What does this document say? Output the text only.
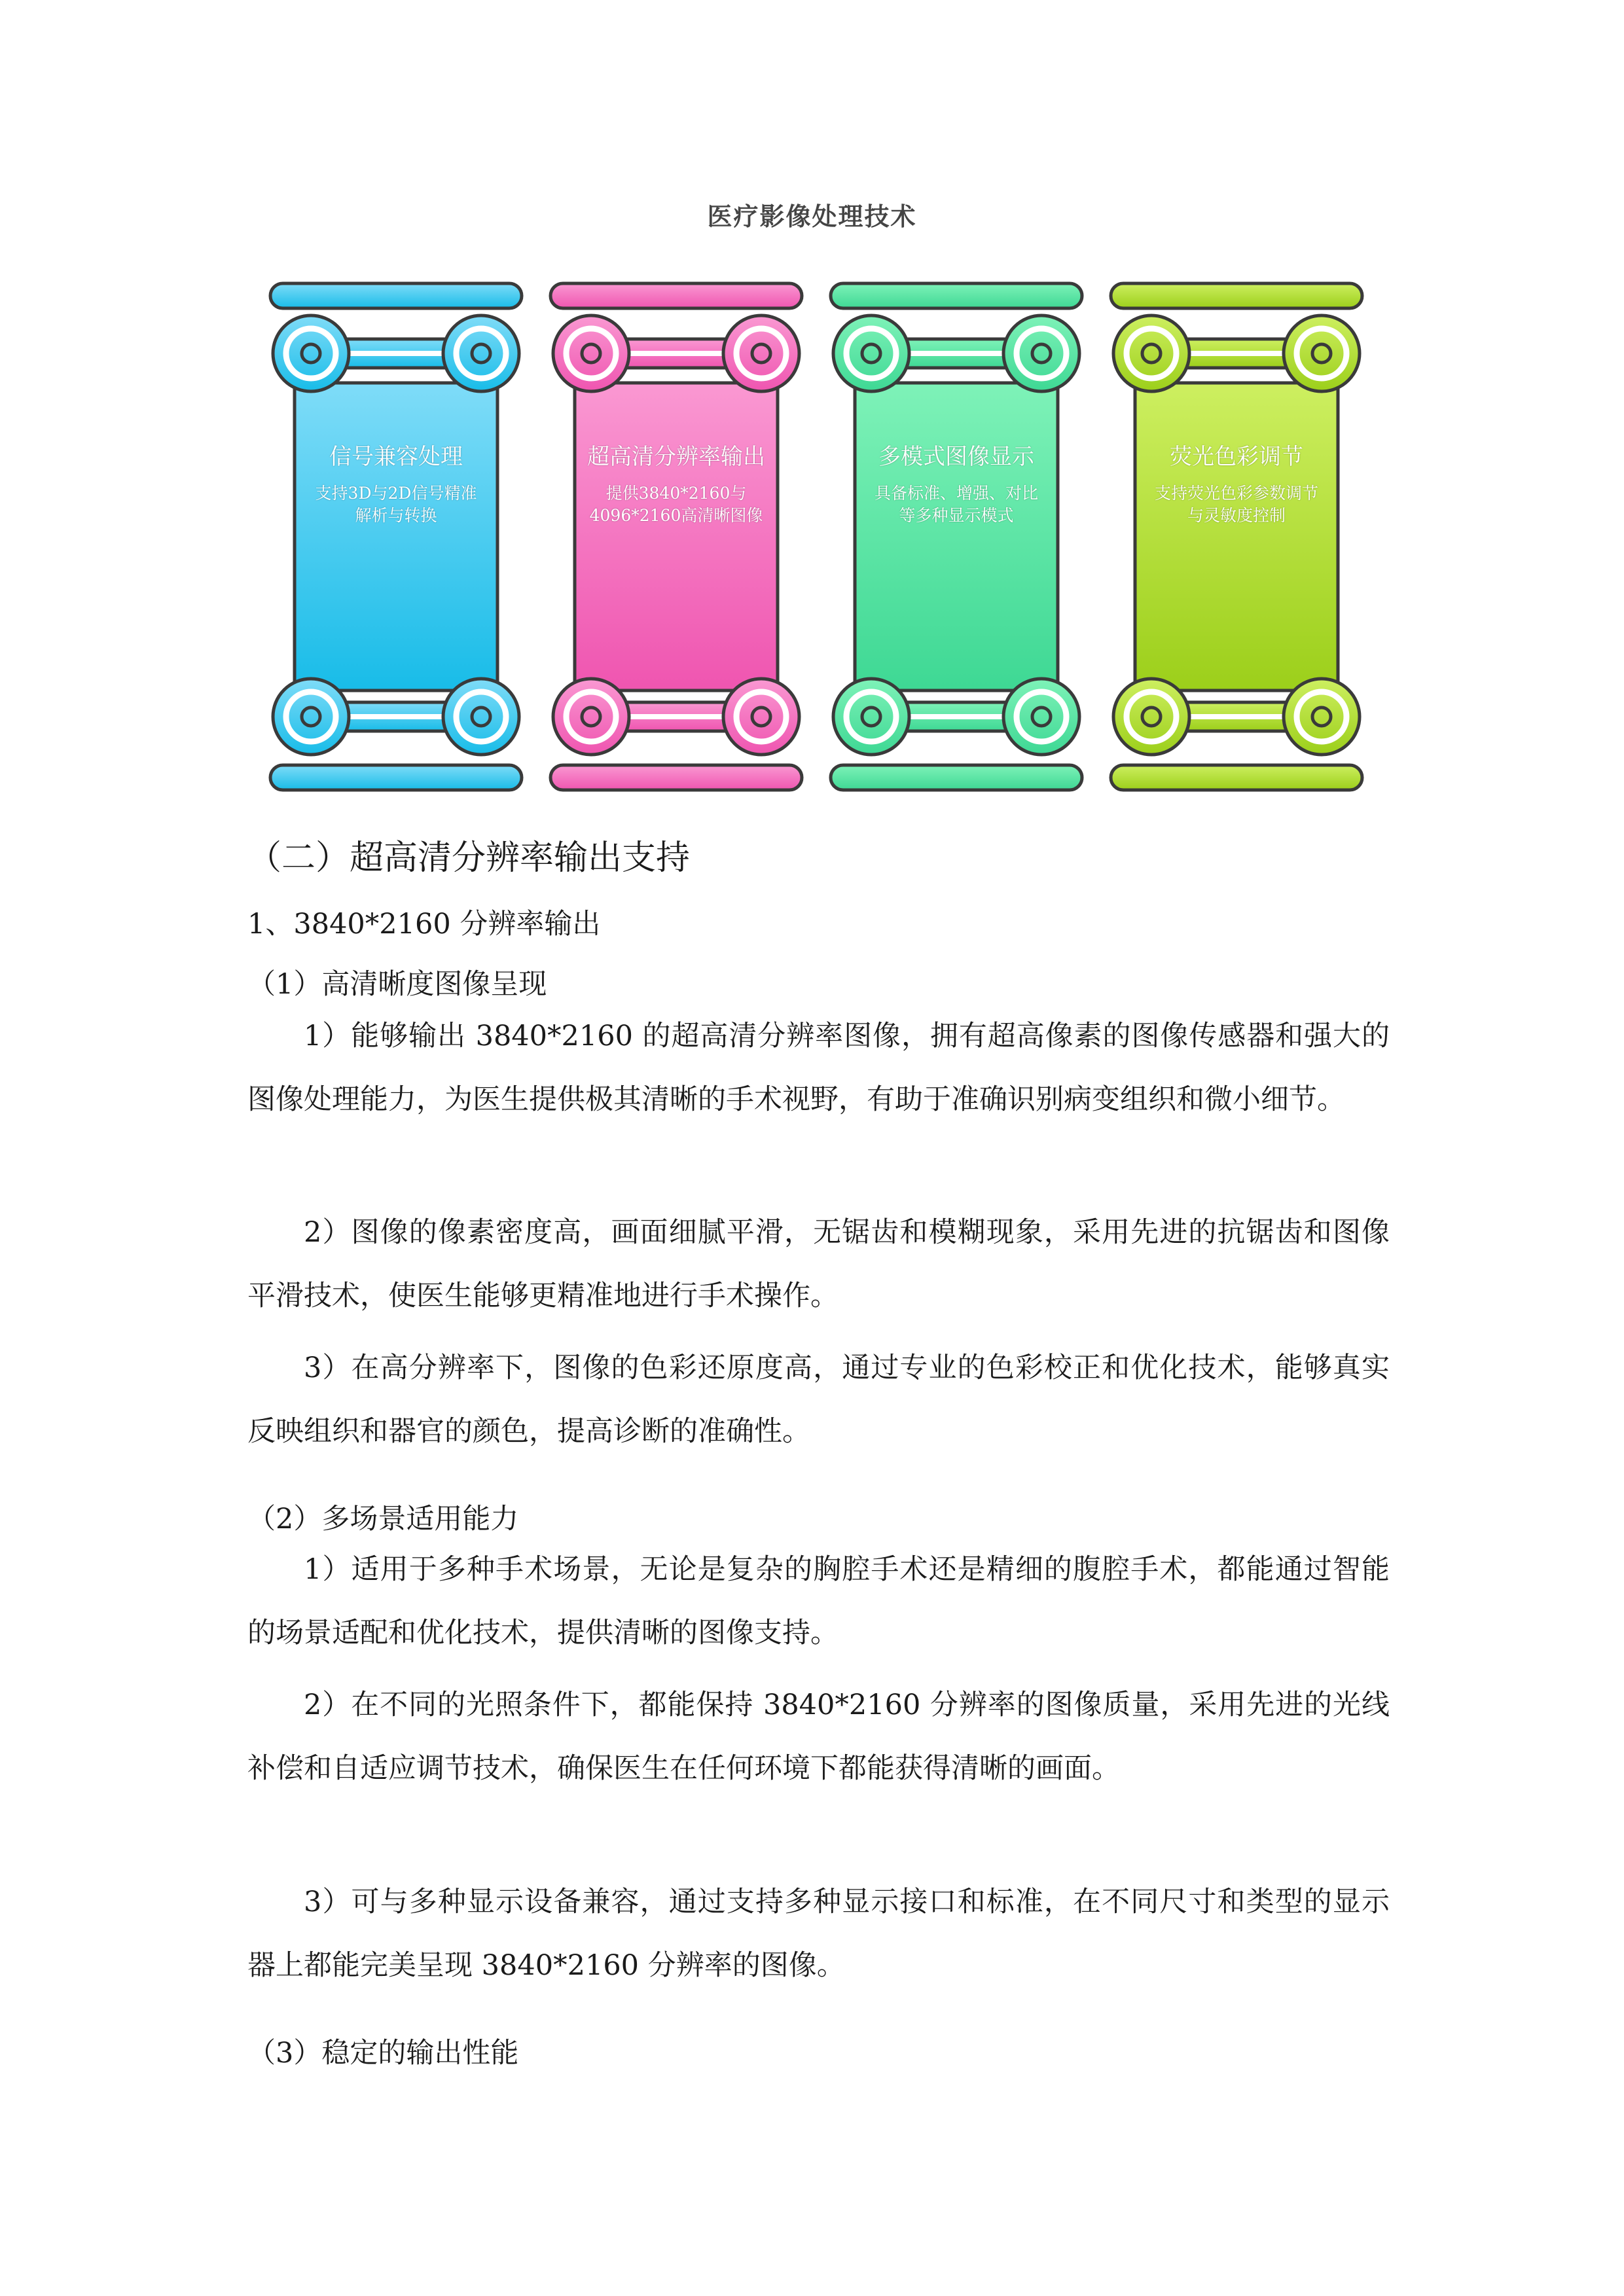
医疗影像处理技术
信号兼容处理
支持3D与2D信号精准解析与转换
超高清分辨率输出
提供3840*2160与4096*2160高清晰图像
多模式图像显示
具备标准、增强、对比等多种显示模式
荧光色彩调节
支持荧光色彩参数调节与灵敏度控制
（二）超高清分辨率输出支持
1、3840*2160 分辨率输出
（1）高清晰度图像呈现

1）能够输出 3840*2160 的超高清分辨率图像，拥有超高像素的图像传感器和强大的图像处理能力，为医生提供极其清晰的手术视野，有助于准确识别病变组织和微小细节。

2）图像的像素密度高，画面细腻平滑，无锯齿和模糊现象，采用先进的抗锯齿和图像平滑技术，使医生能够更精准地进行手术操作。

3）在高分辨率下，图像的色彩还原度高，通过专业的色彩校正和优化技术，能够真实反映组织和器官的颜色，提高诊断的准确性。

（2）多场景适用能力

1）适用于多种手术场景，无论是复杂的胸腔手术还是精细的腹腔手术，都能通过智能的场景适配和优化技术，提供清晰的图像支持。

2）在不同的光照条件下，都能保持 3840*2160 分辨率的图像质量，采用先进的光线补偿和自适应调节技术，确保医生在任何环境下都能获得清晰的画面。

3）可与多种显示设备兼容，通过支持多种显示接口和标准，在不同尺寸和类型的显示器上都能完美呈现 3840*2160 分辨率的图像。

（3）稳定的输出性能
